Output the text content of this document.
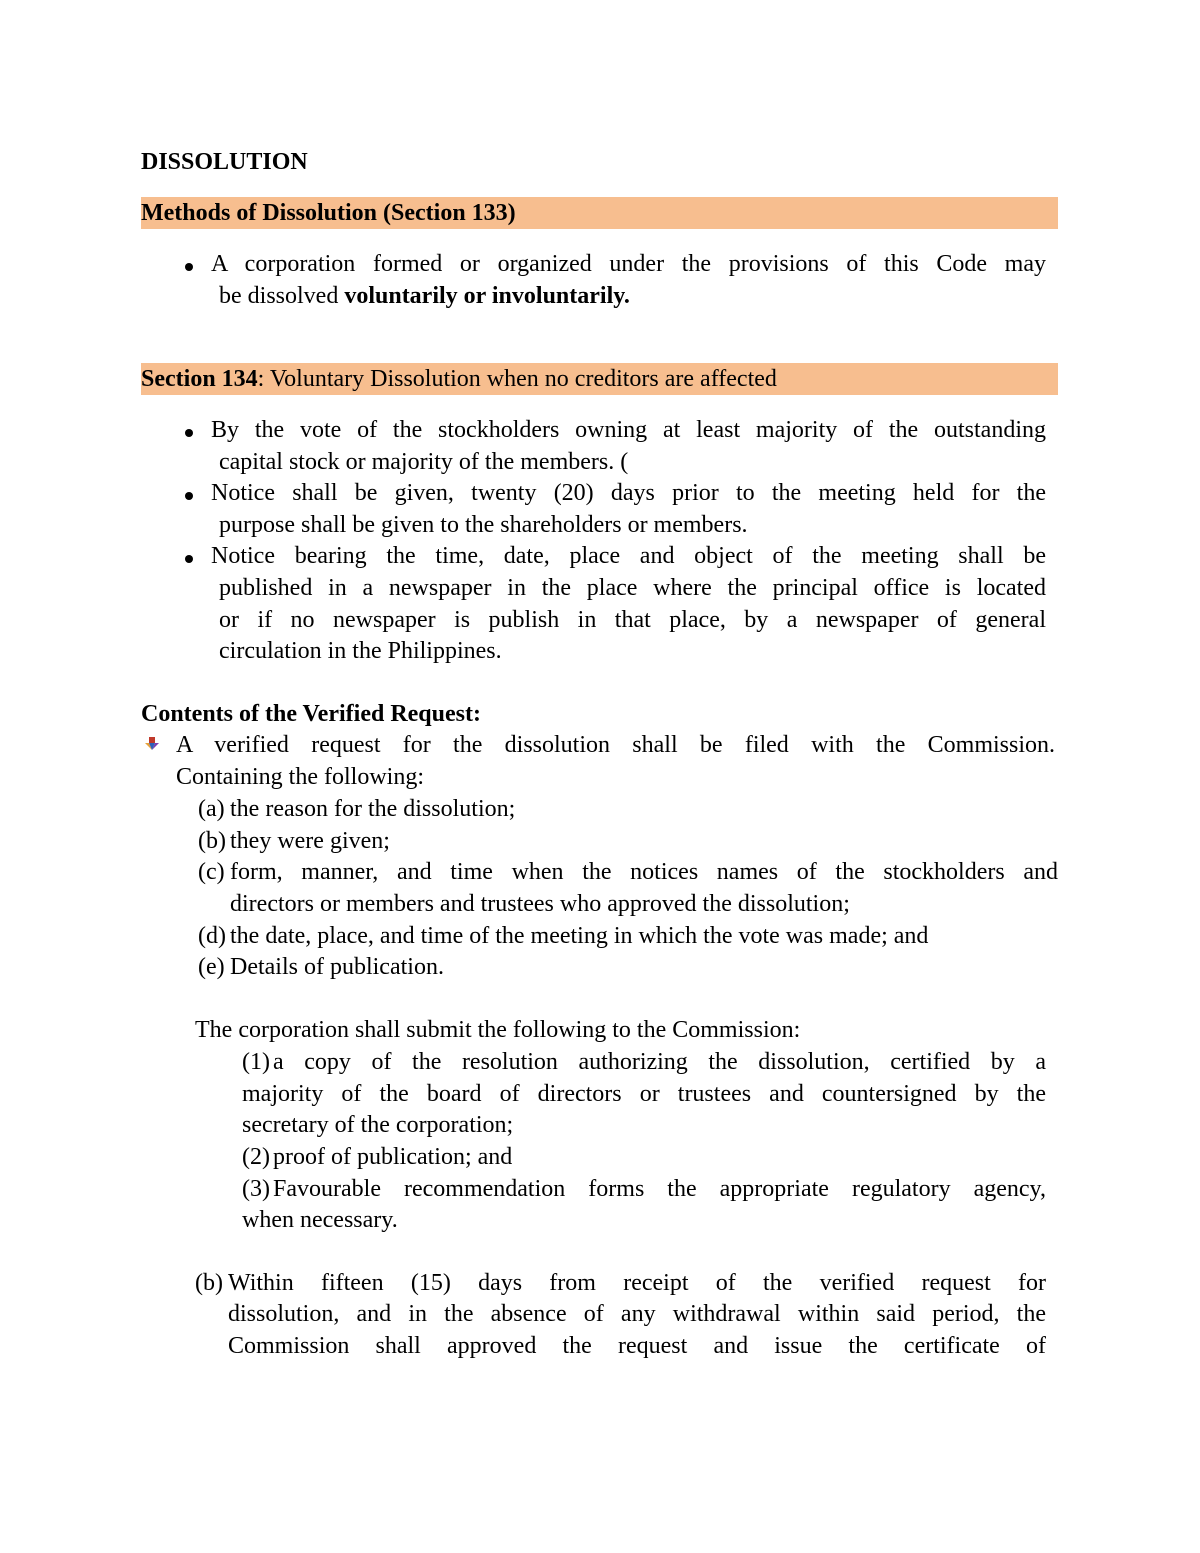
DISSOLUTION
Methods of Dissolution (Section 133)
A corporation formed or organized under the provisions of this Code may
be dissolved voluntarily or involuntarily.
Section 134: Voluntary Dissolution when no creditors are affected
By the vote of the stockholders owning at least majority of the outstanding
capital stock or majority of the members. (
Notice shall be given, twenty (20) days prior to the meeting held for the
purpose shall be given to the shareholders or members.
Notice bearing the time, date, place and object of the meeting shall be
published in a newspaper in the place where the principal office is located
or if no newspaper is publish in that place, by a newspaper of general
circulation in the Philippines.
Contents of the Verified Request:
A verified request for the dissolution shall be filed with the Commission.
Containing the following:
(a) the reason for the dissolution;
(b) they were given;
(c) form, manner, and time when the notices names of the stockholders and
directors or members and trustees who approved the dissolution;
(d) the date, place, and time of the meeting in which the vote was made; and
(e) Details of publication.
The corporation shall submit the following to the Commission:
(1) a copy of the resolution authorizing the dissolution, certified by a
majority of the board of directors or trustees and countersigned by the
secretary of the corporation;
(2) proof of publication; and
(3) Favourable recommendation forms the appropriate regulatory agency,
when necessary.
(b) Within fifteen (15) days from receipt of the verified request for
dissolution, and in the absence of any withdrawal within said period, the
Commission shall approved the request and issue the certificate of
